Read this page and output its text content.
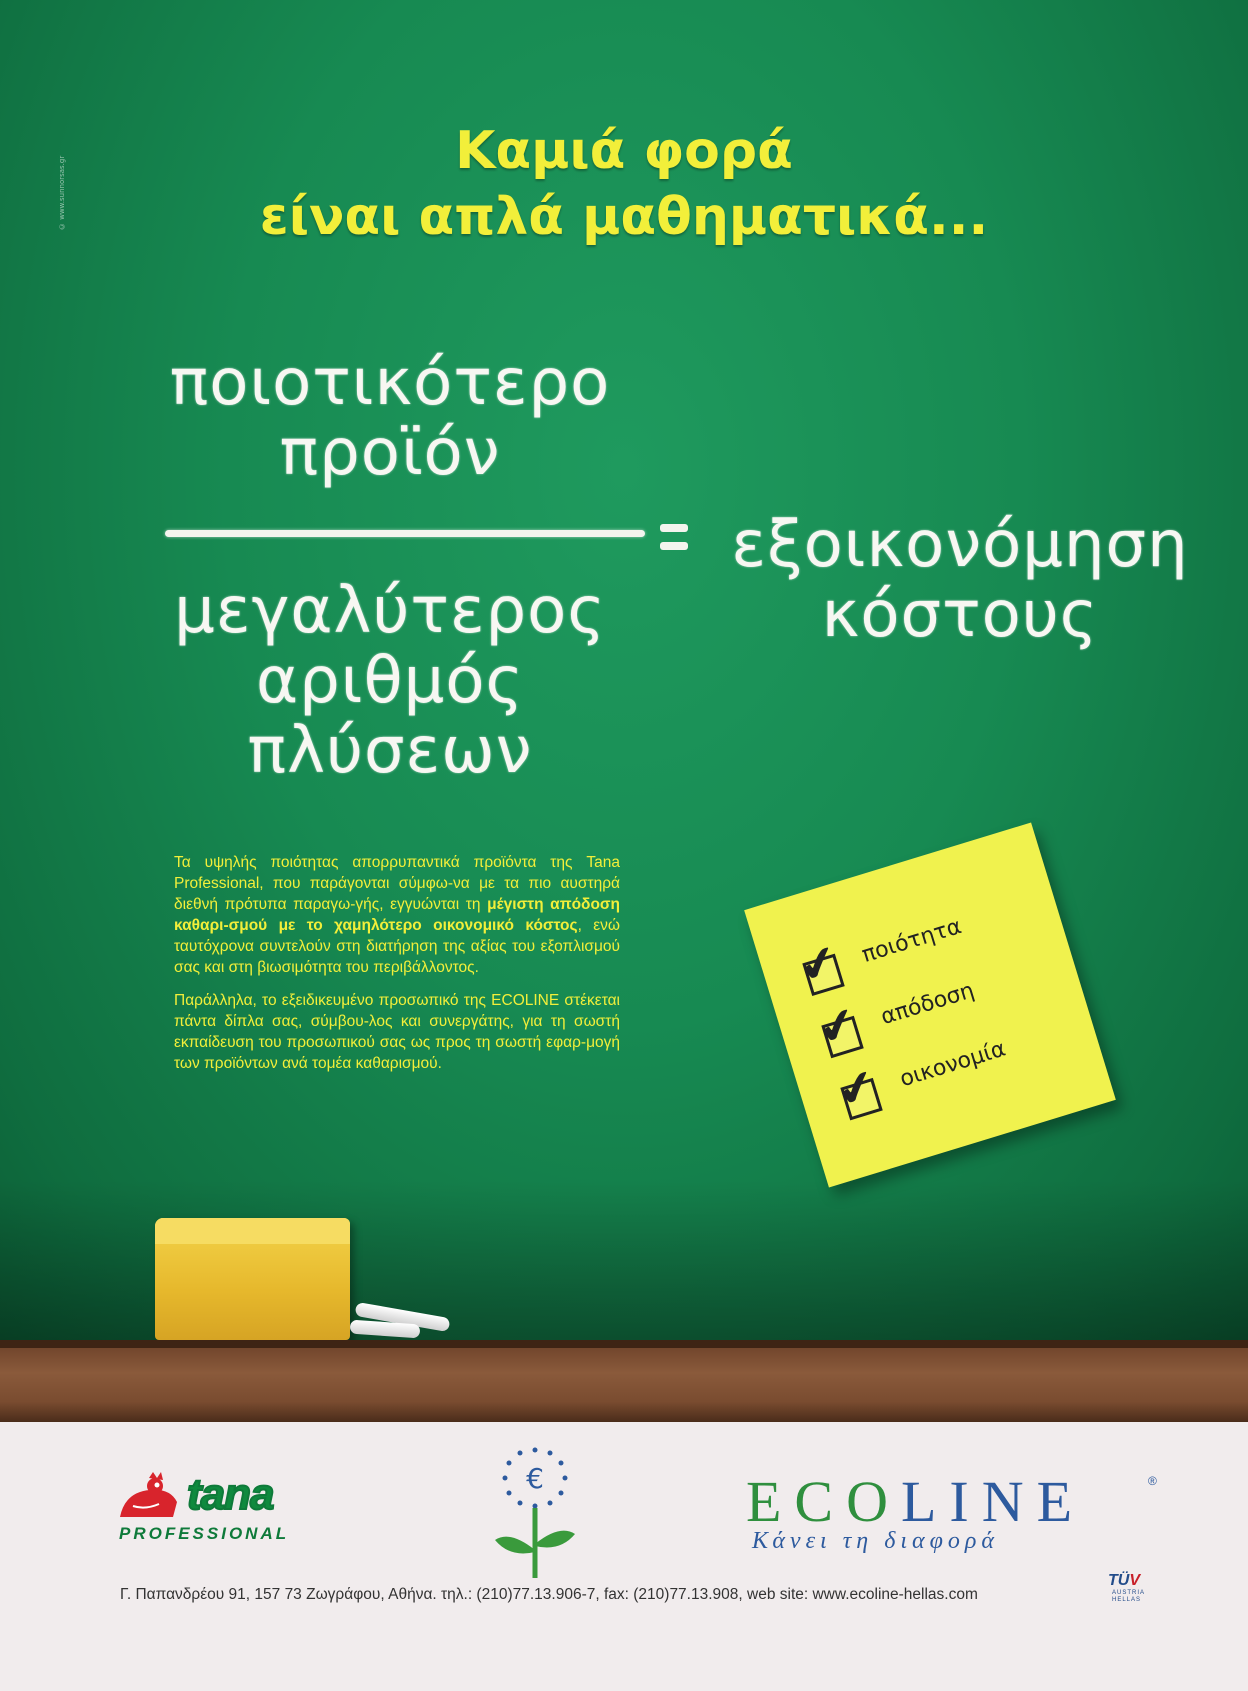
© www.sunnorsas.gr
Καμιά φορά
είναι απλά μαθηματικά...
ποιοτικότερο
προϊόν
μεγαλύτερος
αριθμός
πλύσεων
εξοικονόμηση
κόστους

Τα υψηλής ποιότητας απορρυπαντικά προϊόντα της Tana Professional, που παράγονται σύμφω-να με τα πιο αυστηρά διεθνή πρότυπα παραγω-γής, εγγυώνται τη μέγιστη απόδοση καθαρι-σμού με το χαμηλότερο οικονομικό κόστος, ενώ ταυτόχρονα συντελούν στη διατήρηση της αξίας του εξοπλισμού σας και στη βιωσιμότητα του περιβάλλοντος.

Παράλληλα, το εξειδικευμένο προσωπικό της ECOLINE στέκεται πάντα δίπλα σας, σύμβου-λος και συνεργάτης, για τη σωστή εκπαίδευση του προσωπικού σας ως προς τη σωστή εφαρ-μογή των προϊόντων ανά τομέα καθαρισμού.

✔ ποιότητα
✔ απόδοση
✔ οικονομία
tana
PROFESSIONAL
€	ECOLINE	®
Κάνει τη διαφορά
Γ. Παπανδρέου 91, 157 73 Ζωγράφου, Αθήνα. τηλ.: (210)77.13.906-7, fax: (210)77.13.908, web site: www.ecoline-hellas.com
TÜV
AUSTRIA
HELLAS
